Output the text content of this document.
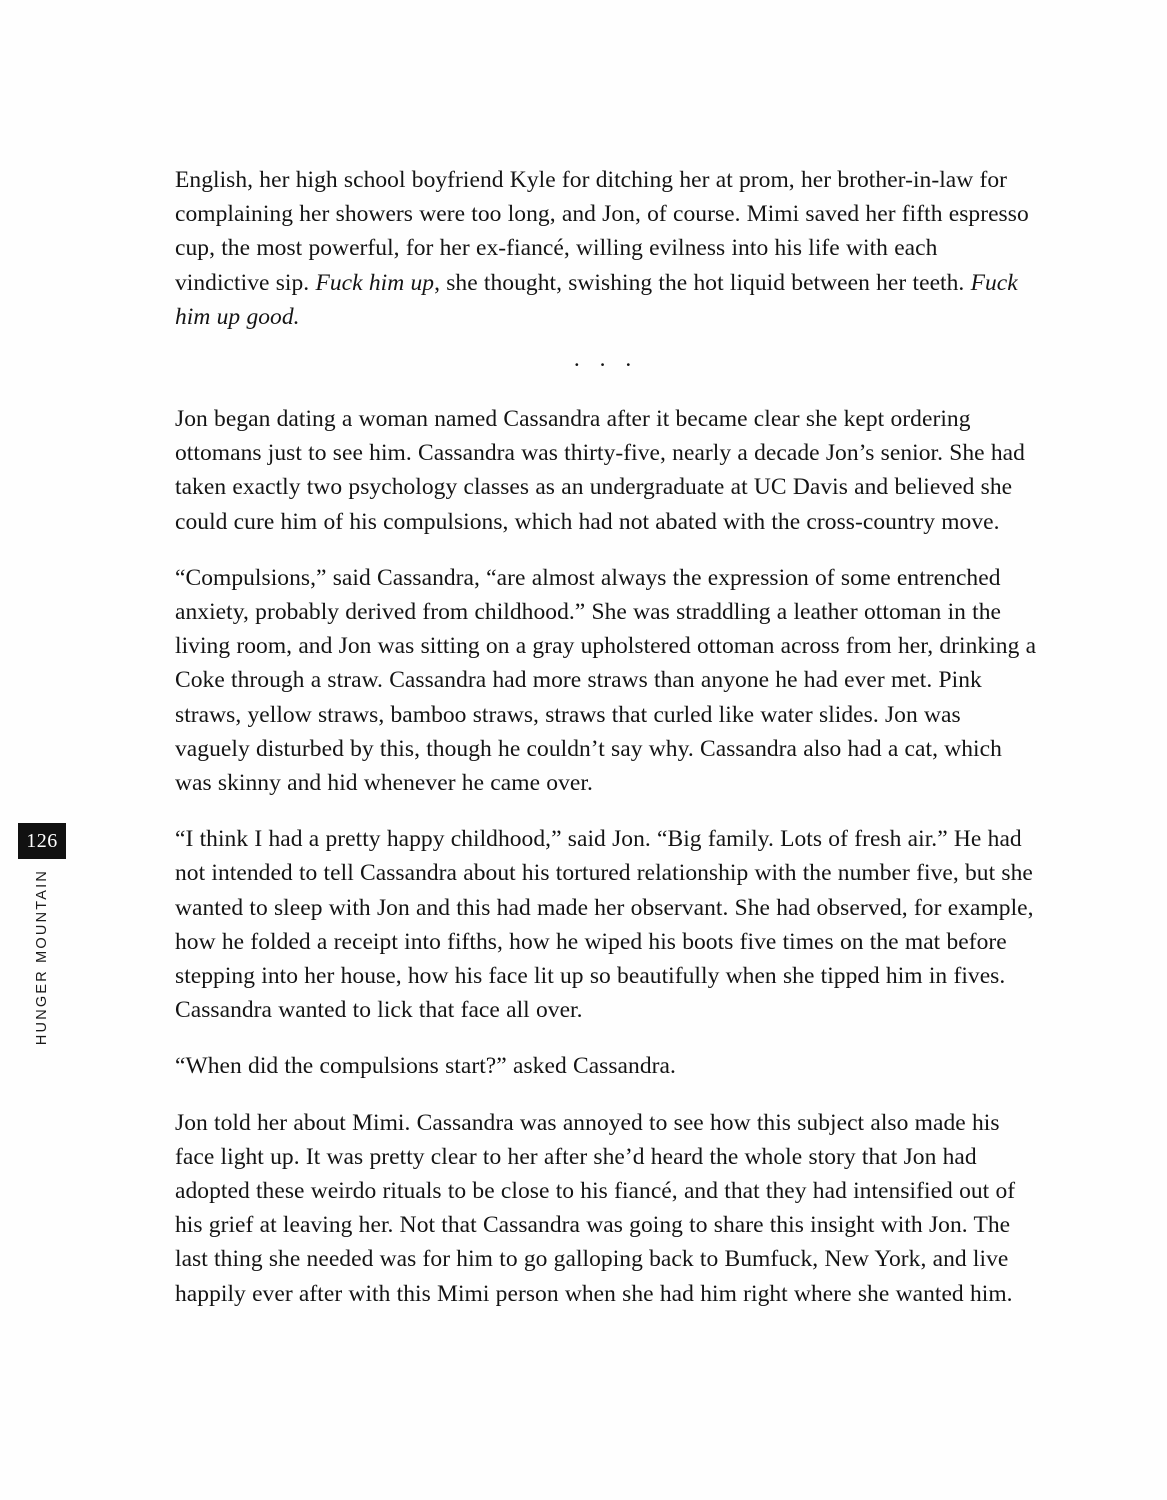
126
HUNGER MOUNTAIN

English, her high school boyfriend Kyle for ditching her at prom, her brother-in-law for complaining her showers were too long, and Jon, of course. Mimi saved her fifth espresso cup, the most powerful, for her ex-fiancé, willing evilness into his life with each vindictive sip. Fuck him up, she thought, swishing the hot liquid between her teeth. Fuck him up good.

. . .

Jon began dating a woman named Cassandra after it became clear she kept ordering ottomans just to see him. Cassandra was thirty-five, nearly a decade Jon’s senior. She had taken exactly two psychology classes as an undergraduate at UC Davis and believed she could cure him of his compulsions, which had not abated with the cross-country move.

“Compulsions,” said Cassandra, “are almost always the expression of some entrenched anxiety, probably derived from childhood.” She was straddling a leather ottoman in the living room, and Jon was sitting on a gray upholstered ottoman across from her, drinking a Coke through a straw. Cassandra had more straws than anyone he had ever met. Pink straws, yellow straws, bamboo straws, straws that curled like water slides. Jon was vaguely disturbed by this, though he couldn’t say why. Cassandra also had a cat, which was skinny and hid whenever he came over.

“I think I had a pretty happy childhood,” said Jon. “Big family. Lots of fresh air.” He had not intended to tell Cassandra about his tortured relationship with the number five, but she wanted to sleep with Jon and this had made her observant. She had observed, for example, how he folded a receipt into fifths, how he wiped his boots five times on the mat before stepping into her house, how his face lit up so beautifully when she tipped him in fives. Cassandra wanted to lick that face all over.

“When did the compulsions start?” asked Cassandra.

Jon told her about Mimi. Cassandra was annoyed to see how this subject also made his face light up. It was pretty clear to her after she’d heard the whole story that Jon had adopted these weirdo rituals to be close to his fiancé, and that they had intensified out of his grief at leaving her. Not that Cassandra was going to share this insight with Jon. The last thing she needed was for him to go galloping back to Bumfuck, New York, and live happily ever after with this Mimi person when she had him right where she wanted him.
